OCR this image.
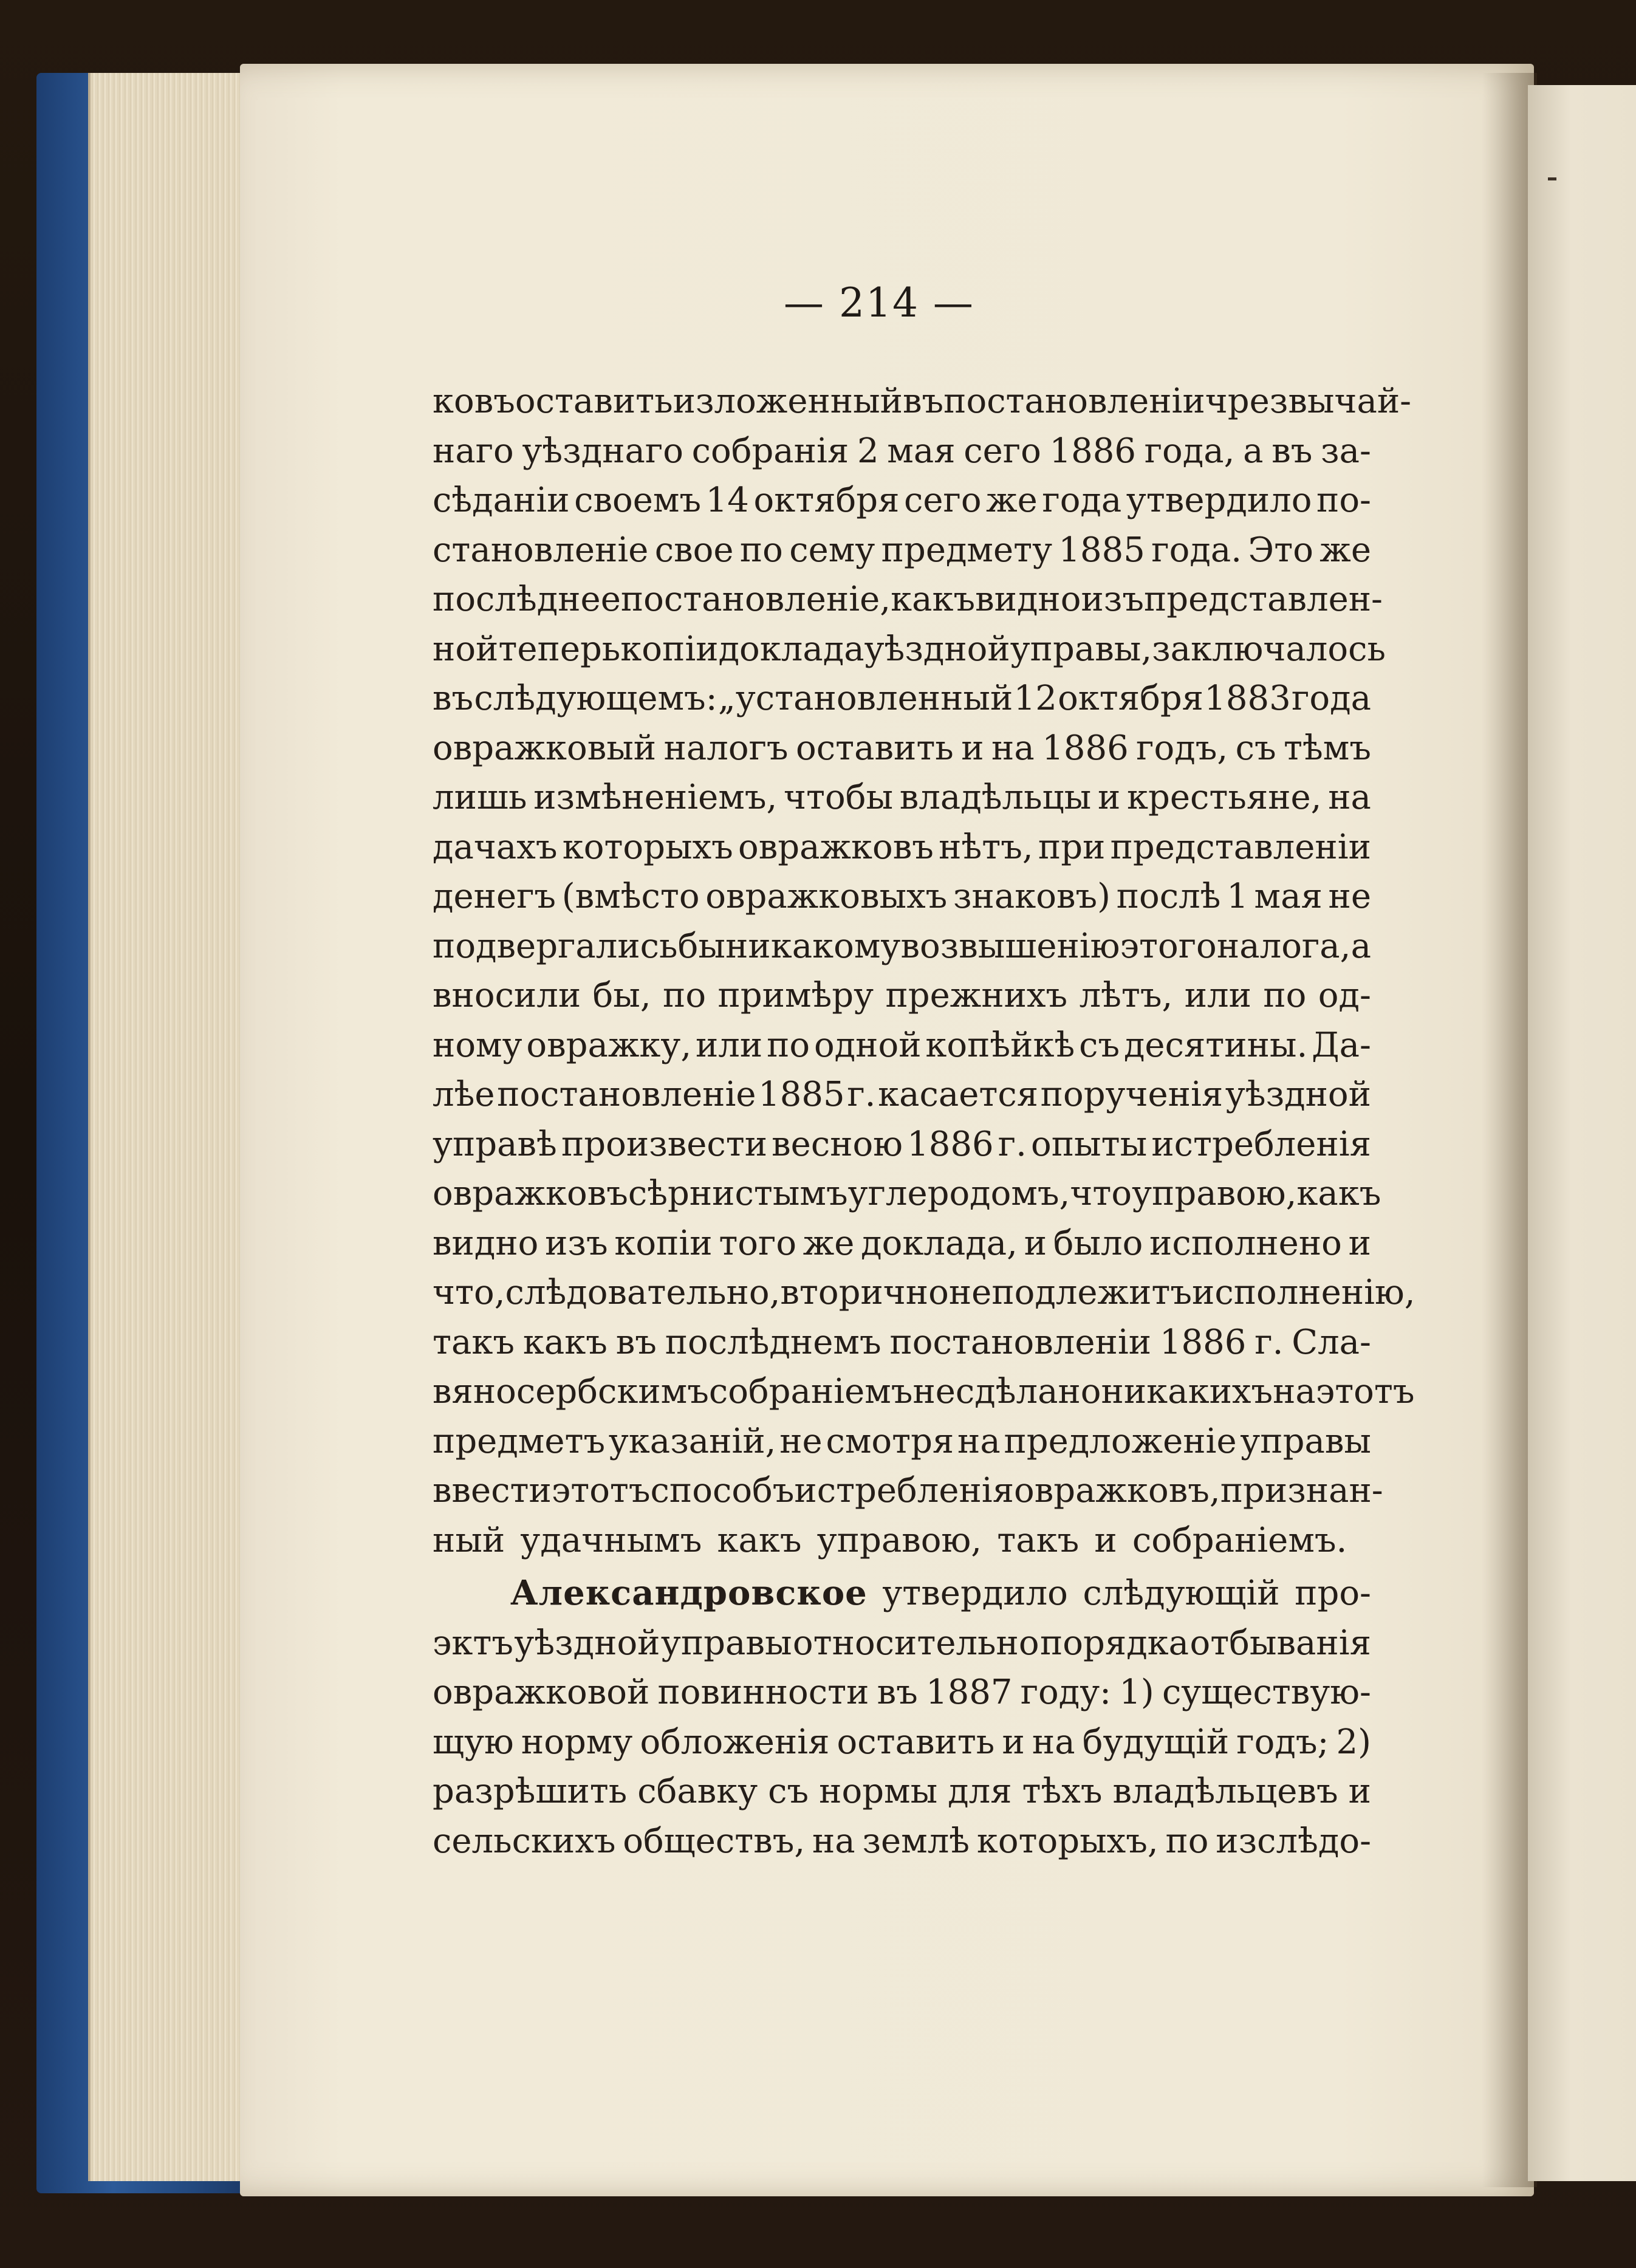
— 214 —
ковъ оставить изложенный въ постановленіи чрезвычай-
наго уѣзднаго собранія 2 мая сего 1886 года, а въ за-
сѣданіи своемъ 14 октября сего же года утвердило по-
становленіе свое по сему предмету 1885 года. Это же
послѣднее постановленіе, какъ видно изъ представлен-
ной теперь копіи доклада уѣздной управы, заключалось
въ слѣдующемъ: „установленный 12 октября 1883 года
овражковый налогъ оставить и на 1886 годъ, съ тѣмъ
лишь измѣненіемъ, чтобы владѣльцы и крестьяне, на
дачахъ которыхъ овражковъ нѣтъ, при представленіи
денегъ (вмѣсто овражковыхъ знаковъ) послѣ 1 мая не
подвергались бы никакому возвышенію этого налога, а
вносили бы, по примѣру прежнихъ лѣтъ, или по од-
ному овражку, или по одной копѣйкѣ съ десятины. Да-
лѣе постановленіе 1885 г. касается порученія уѣздной
управѣ произвести весною 1886 г. опыты истребленія
овражковъ сѣрнистымъ углеродомъ, что управою, какъ
видно изъ копіи того же доклада, и было исполнено и
что, слѣдовательно, вторично не подлежитъ исполненію,
такъ какъ въ послѣднемъ постановленіи 1886 г. Сла-
вяносербскимъ собраніемъ не сдѣлано никакихъ на этотъ
предметъ указаній, не смотря на предложеніе управы
ввести этотъ способъ истребленія овражковъ, признан-
ный удачнымъ какъ управою, такъ и собраніемъ.
Александровское утвердило слѣдующій про-
эктъ уѣздной управы относительно порядка отбыванія
овражковой повинности въ 1887 году: 1) существую-
щую норму обложенія оставить и на будущій годъ; 2)
разрѣшить сбавку съ нормы для тѣхъ владѣльцевъ и
сельскихъ обществъ, на землѣ которыхъ, по изслѣдо-
